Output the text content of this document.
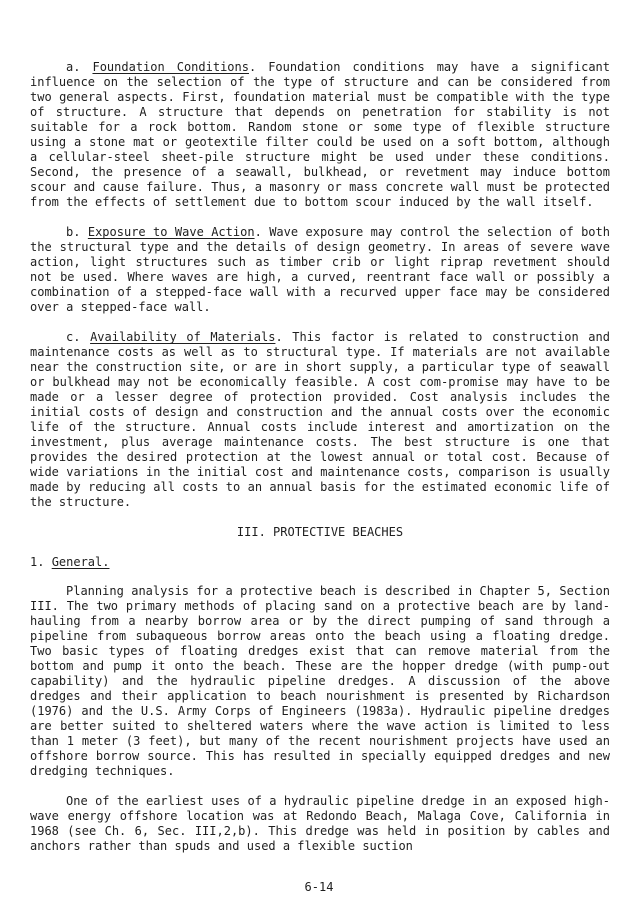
a. Foundation Conditions. Foundation conditions may have a significant influence on the selection of the type of structure and can be considered from two general aspects. First, foundation material must be compatible with the type of structure. A structure that depends on penetration for stability is not suitable for a rock bottom. Random stone or some type of flexible structure using a stone mat or geotextile filter could be used on a soft bottom, although a cellular-steel sheet-pile structure might be used under these conditions. Second, the presence of a seawall, bulkhead, or revetment may induce bottom scour and cause failure. Thus, a masonry or mass concrete wall must be protected from the effects of settlement due to bottom scour induced by the wall itself.

b. Exposure to Wave Action. Wave exposure may control the selection of both the structural type and the details of design geometry. In areas of severe wave action, light structures such as timber crib or light riprap revetment should not be used. Where waves are high, a curved, reentrant face wall or possibly a combination of a stepped-face wall with a recurved upper face may be considered over a stepped-face wall.

c. Availability of Materials. This factor is related to construction and maintenance costs as well as to structural type. If materials are not available near the construction site, or are in short supply, a particular type of seawall or bulkhead may not be economically feasible. A cost com-promise may have to be made or a lesser degree of protection provided. Cost analysis includes the initial costs of design and construction and the annual costs over the economic life of the structure. Annual costs include interest and amortization on the investment, plus average maintenance costs. The best structure is one that provides the desired protection at the lowest annual or total cost. Because of wide variations in the initial cost and maintenance costs, comparison is usually made by reducing all costs to an annual basis for the estimated economic life of the structure.

III. PROTECTIVE BEACHES
1. General.

Planning analysis for a protective beach is described in Chapter 5, Section III. The two primary methods of placing sand on a protective beach are by land-hauling from a nearby borrow area or by the direct pumping of sand through a pipeline from subaqueous borrow areas onto the beach using a floating dredge. Two basic types of floating dredges exist that can remove material from the bottom and pump it onto the beach. These are the hopper dredge (with pump-out capability) and the hydraulic pipeline dredges. A discussion of the above dredges and their application to beach nourishment is presented by Richardson (1976) and the U.S. Army Corps of Engineers (1983a). Hydraulic pipeline dredges are better suited to sheltered waters where the wave action is limited to less than 1 meter (3 feet), but many of the recent nourishment projects have used an offshore borrow source. This has resulted in specially equipped dredges and new dredging techniques.

One of the earliest uses of a hydraulic pipeline dredge in an exposed high-wave energy offshore location was at Redondo Beach, Malaga Cove, California in 1968 (see Ch. 6, Sec. III,2,b). This dredge was held in position by cables and anchors rather than spuds and used a flexible suction

6-14
